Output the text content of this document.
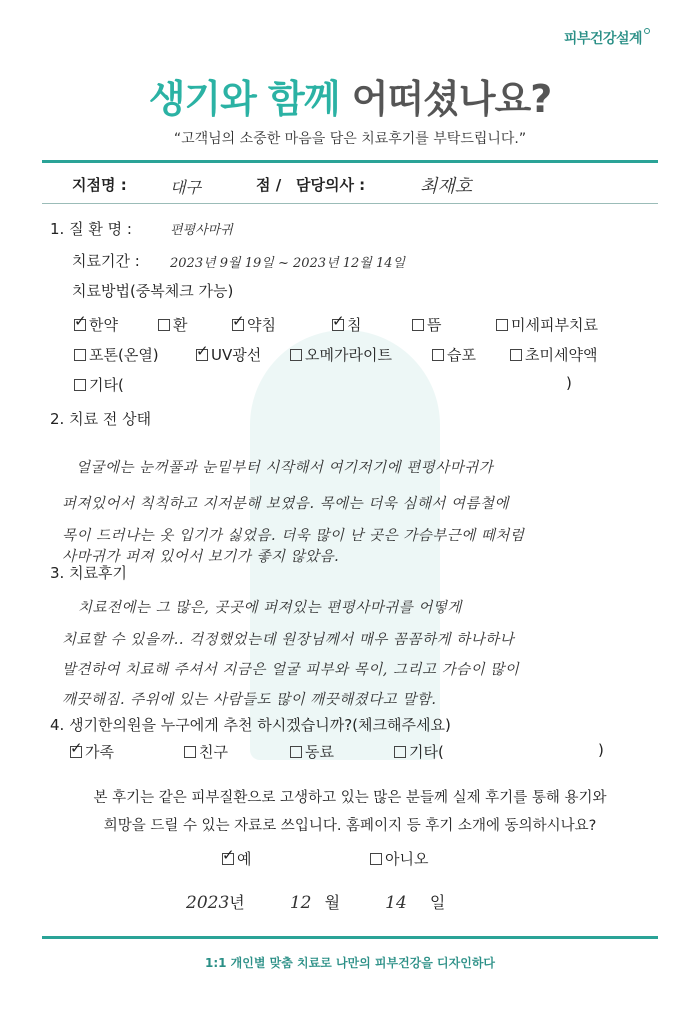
피부건강설계
생기와 함께 어떠셨나요?
“고객님의 소중한 마음을 담은 치료후기를 부탁드립니다.”
지점명 :	대구	점 / 담당의사 :	최재호
1. 질 환 명 :	편평사마귀
치료기간 : 2023년 9월 19일 ~ 2023년 12월 14일
치료방법(중복체크 가능)
✓한약	환 ✓	약침 ✓	침	뜸	미세피부치료
포톤(온열) ✓	UV광선	오메가라이트	습포	초미세약액
기타(	)
2. 치료 전 상태
얼굴에는 눈꺼풀과 눈밑부터 시작해서 여기저기에 편평사마귀가
퍼져있어서 칙칙하고 지저분해 보였음. 목에는 더욱 심해서 여름철에
목이 드러나는 옷 입기가 싫었음. 더욱 많이 난 곳은 가슴부근에 떼처럼
사마귀가 퍼져 있어서 보기가 좋지 않았음.
3. 치료후기
치료전에는 그 많은, 곳곳에 퍼져있는 편평사마귀를 어떻게
치료할 수 있을까.. 걱정했었는데 원장님께서 매우 꼼꼼하게 하나하나
발견하여 치료해 주셔서 지금은 얼굴 피부와 목이, 그리고 가슴이 많이
깨끗해짐. 주위에 있는 사람들도 많이 깨끗해졌다고 말함.
4. 생기한의원을 누구에게 추천 하시겠습니까?(체크해주세요)
✓가족	친구	동료	기타(	)
본 후기는 같은 피부질환으로 고생하고 있는 많은 분들께 실제 후기를 통해 용기와
희망을 드릴 수 있는 자료로 쓰입니다. 홈페이지 등 후기 소개에 동의하시나요?
✓예	아니오
2023년	12 월	14 일
1:1 개인별 맞춤 치료로 나만의 피부건강을 디자인하다
